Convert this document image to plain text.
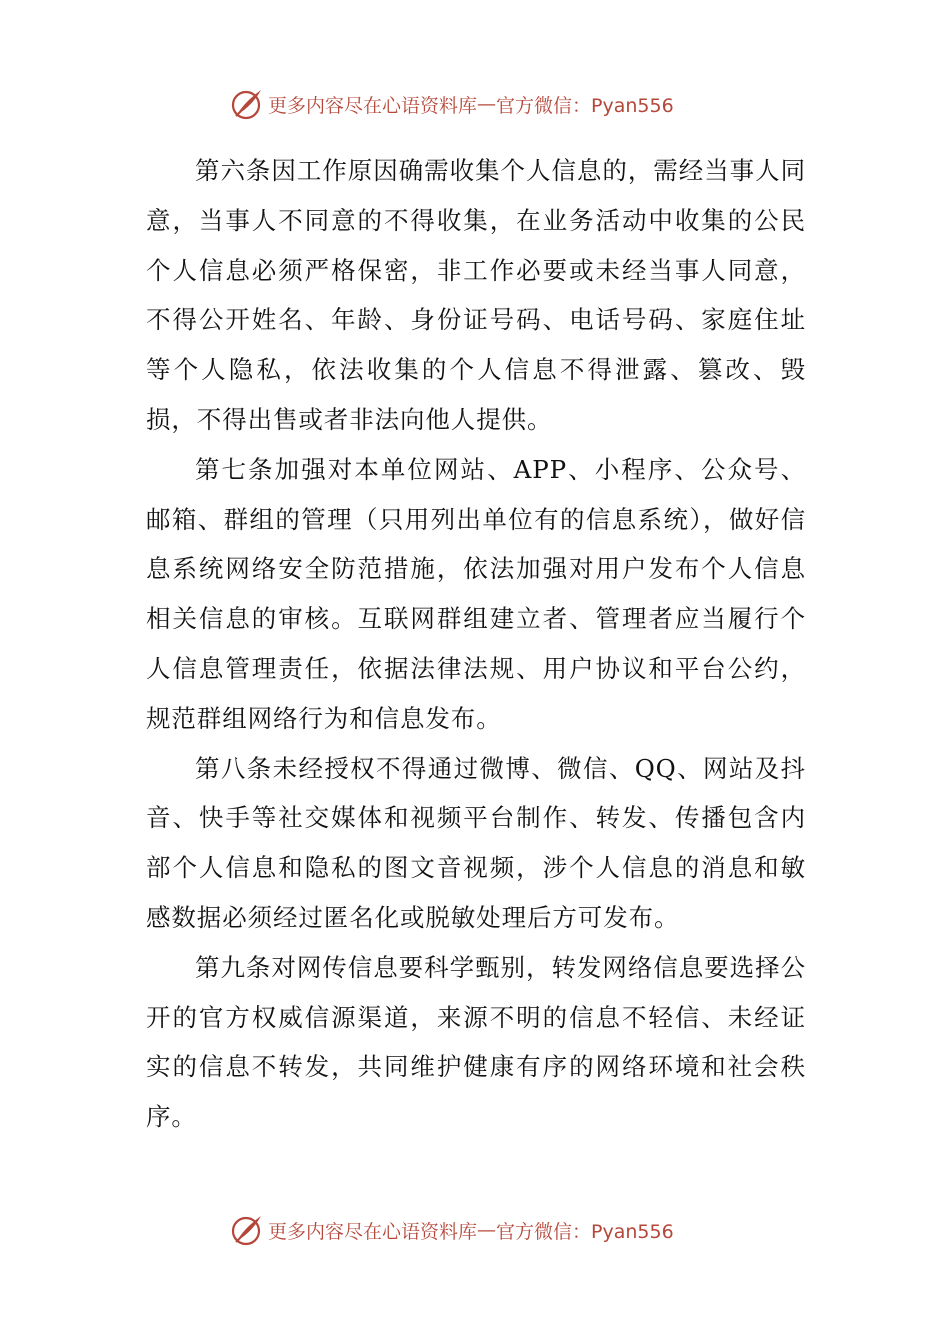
更多内容尽在心语资料库 — 官方微信：Pyan556

第六条因工作原因确需收集个人信息的，需经当事人同意，当事人不同意的不得收集，在业务活动中收集的公民个人信息必须严格保密，非工作必要或未经当事人同意，不得公开姓名、年龄、身份证号码、电话号码、家庭住址等个人隐私，依法收集的个人信息不得泄露、篡改、毁损，不得出售或者非法向他人提供。

第七条加强对本单位网站、APP、小程序、公众号、邮箱、群组的管理（只用列出单位有的信息系统），做好信息系统网络安全防范措施，依法加强对用户发布个人信息相关信息的审核。互联网群组建立者、管理者应当履行个人信息管理责任，依据法律法规、用户协议和平台公约，规范群组网络行为和信息发布。

第八条未经授权不得通过微博、微信、QQ、网站及抖音、快手等社交媒体和视频平台制作、转发、传播包含内部个人信息和隐私的图文音视频，涉个人信息的消息和敏感数据必须经过匿名化或脱敏处理后方可发布。

第九条对网传信息要科学甄别，转发网络信息要选择公开的官方权威信源渠道，来源不明的信息不轻信、未经证实的信息不转发，共同维护健康有序的网络环境和社会秩序。

更多内容尽在心语资料库 — 官方微信：Pyan556
